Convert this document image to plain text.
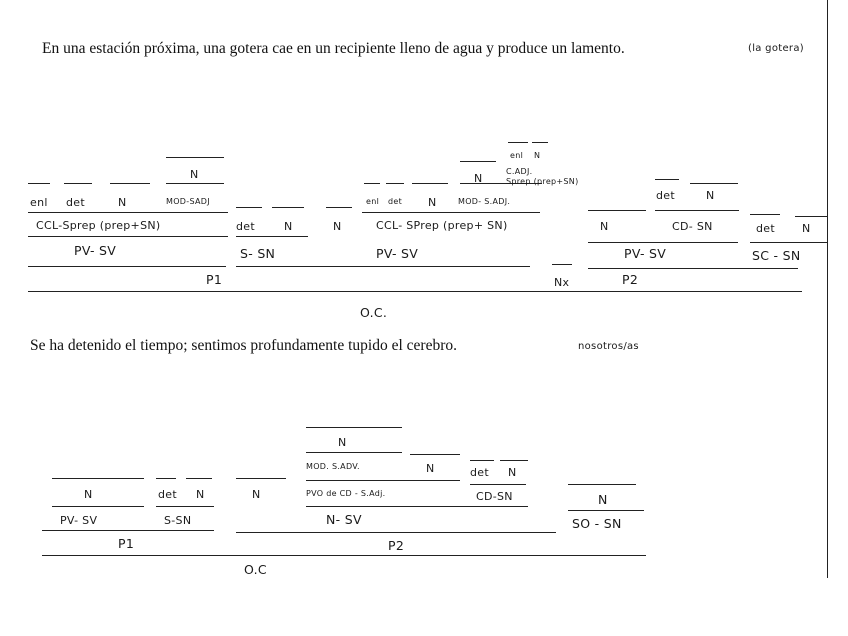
En una estación próxima, una gotera cae en un recipiente lleno de agua y produce un lamento.	(la gotera)
enl det	N
N
MOD-SADJ
CCL-Sprep (prep+SN)
PV- SV
det	N
S- SN
N
enl det N	MOD- S.ADJ.
N
C.ADJ.
Sprep (prep+SN)
enl N
CCL- SPrep (prep+ SN)
PV- SV
P1	Nx
det	N
N	CD- SN
PV- SV
P2
det N
SC - SN
O.C.
Se ha detenido el tiempo; sentimos profundamente tupido el cerebro.	nosotros/as
N
PV- SV
det N
S-SN
P1
N
N
MOD. S.ADV.	N
PVO de CD - S.Adj.
det N
CD-SN
N- SV
P2
N
SO - SN
O.C
